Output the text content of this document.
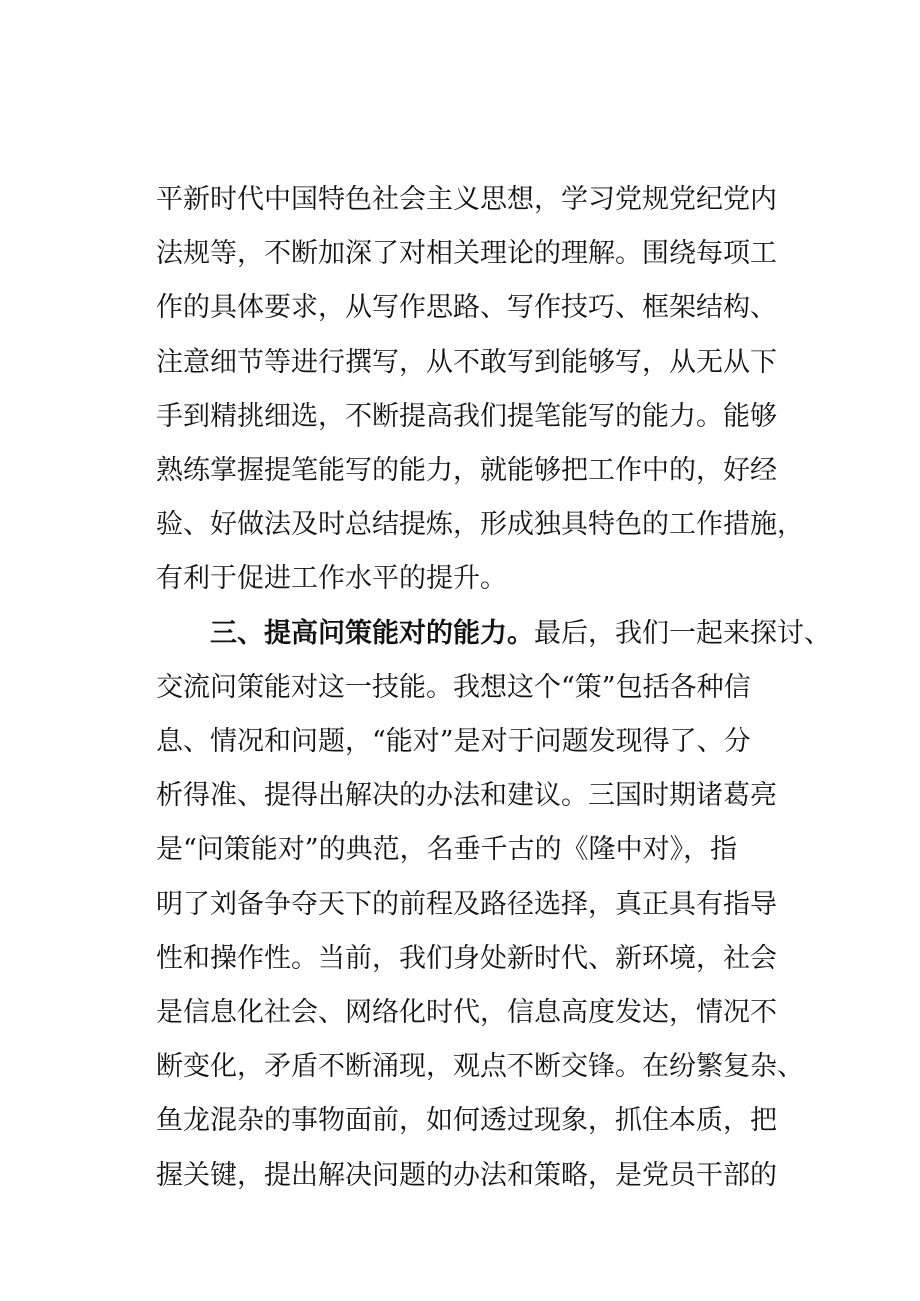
平新时代中国特色社会主义思想，学习党规党纪党内
法规等，不断加深了对相关理论的理解。围绕每项工
作的具体要求，从写作思路、写作技巧、框架结构、
注意细节等进行撰写，从不敢写到能够写，从无从下
手到精挑细选，不断提高我们提笔能写的能力。能够
熟练掌握提笔能写的能力，就能够把工作中的，好经
验、好做法及时总结提炼，形成独具特色的工作措施，
有利于促进工作水平的提升。
三、提高问策能对的能力。最后，我们一起来探讨、
交流问策能对这一技能。我想这个“策”包括各种信
息、情况和问题，“能对”是对于问题发现得了、分
析得准、提得出解决的办法和建议。三国时期诸葛亮
是“问策能对”的典范，名垂千古的《隆中对》，指
明了刘备争夺天下的前程及路径选择，真正具有指导
性和操作性。当前，我们身处新时代、新环境，社会
是信息化社会、网络化时代，信息高度发达，情况不
断变化，矛盾不断涌现，观点不断交锋。在纷繁复杂、
鱼龙混杂的事物面前，如何透过现象，抓住本质，把
握关键，提出解决问题的办法和策略，是党员干部的
